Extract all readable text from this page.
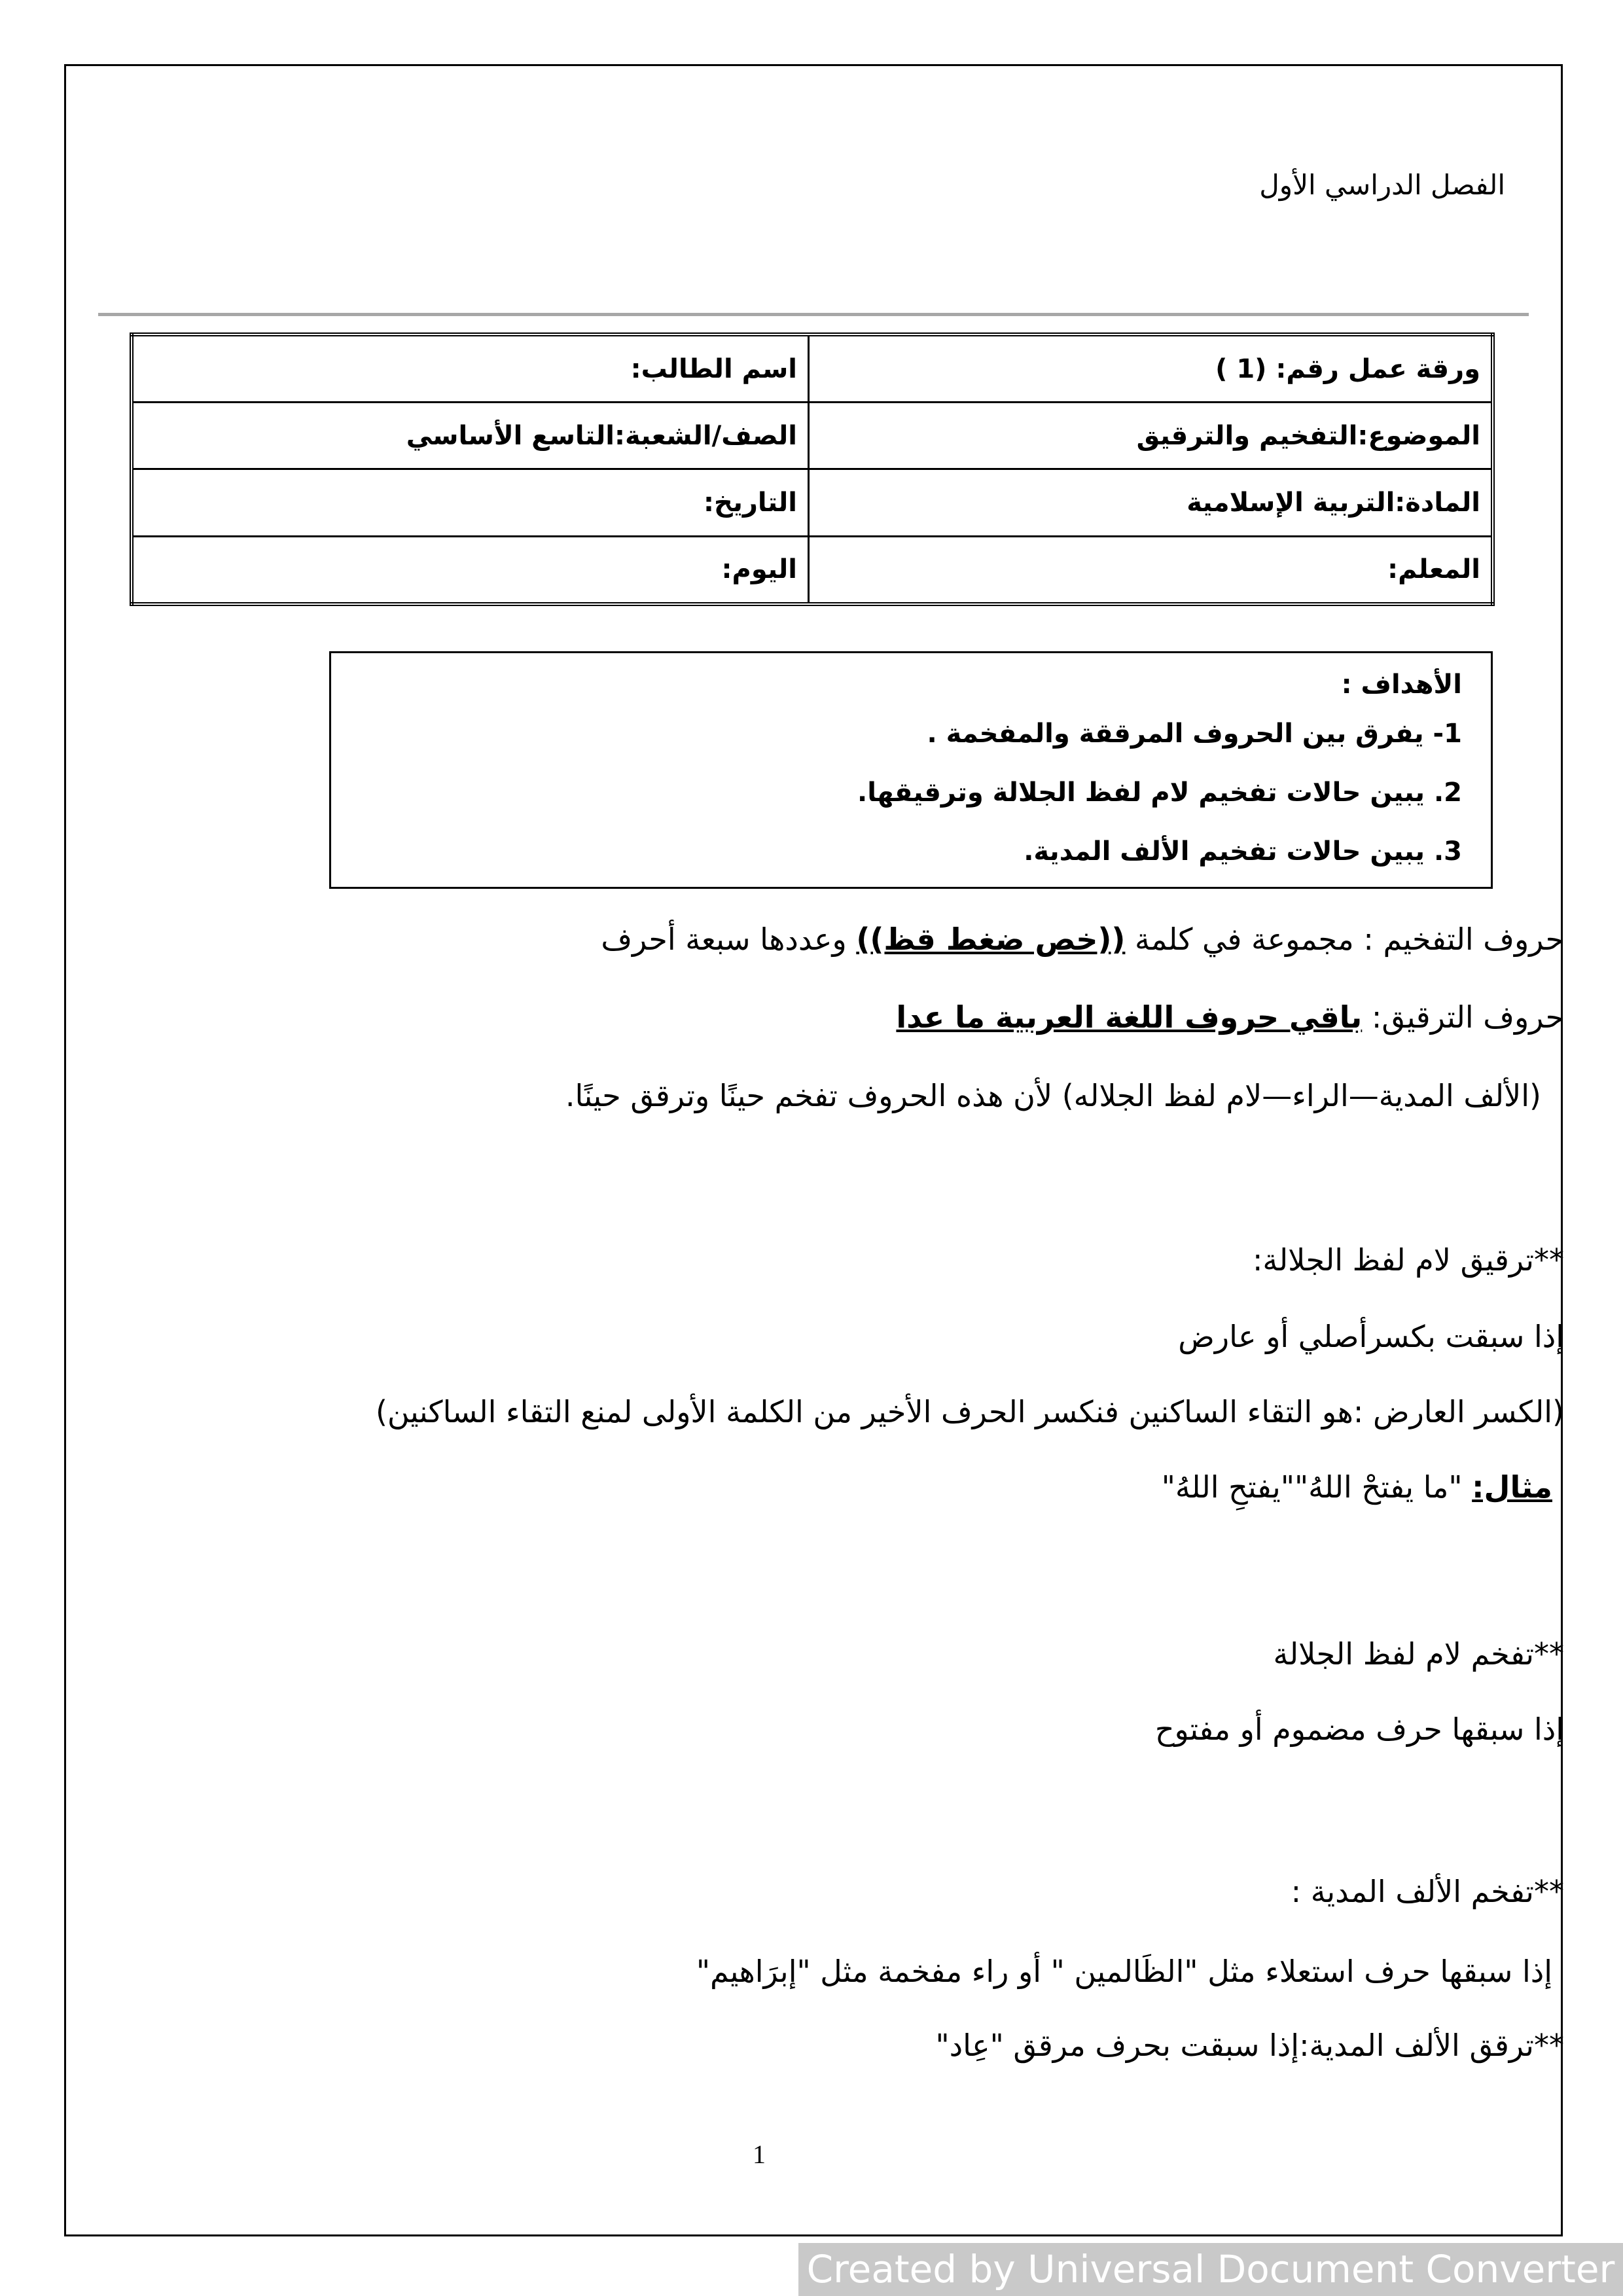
الفصل الدراسي الأول
ورقة عمل رقم: (1 )	اسم الطالب:
الموضوع:التفخيم والترقيق	الصف/الشعبة:التاسع الأساسي
المادة:التربية الإسلامية	التاريخ:
المعلم:	اليوم:
الأهداف :
1- يفرق بين الحروف المرققة والمفخمة .
2. يبين حالات تفخيم لام لفظ الجلالة وترقيقها.
3. يبين حالات تفخيم الألف المدية.
حروف التفخيم : مجموعة في كلمة ((خص ضغط قظ)) وعددها سبعة أحرف
حروف الترقيق: باقي حروف اللغة العربية ما عدا
(الألف المدية—الراء—لام لفظ الجلاله) لأن هذه الحروف تفخم حينًا وترقق حينًا.
**ترقيق لام لفظ الجلالة:
إذا سبقت بكسرأصلي أو عارض
(الكسر العارض :هو التقاء الساكنين فنكسر الحرف الأخير من الكلمة الأولى لمنع التقاء الساكنين)
مثال: "ما يفتحْ اللهُ""يفتحِ اللهُ"
**تفخم لام لفظ الجلالة
إذا سبقها حرف مضموم أو مفتوح
**تفخم الألف المدية :
إذا سبقها حرف استعلاء مثل "الظَالمين " أو راء مفخمة مثل "إبرَاهيم"
**ترقق الألف المدية:إذا سبقت بحرف مرقق "عِاد"
1
Created by Universal Document Converter
